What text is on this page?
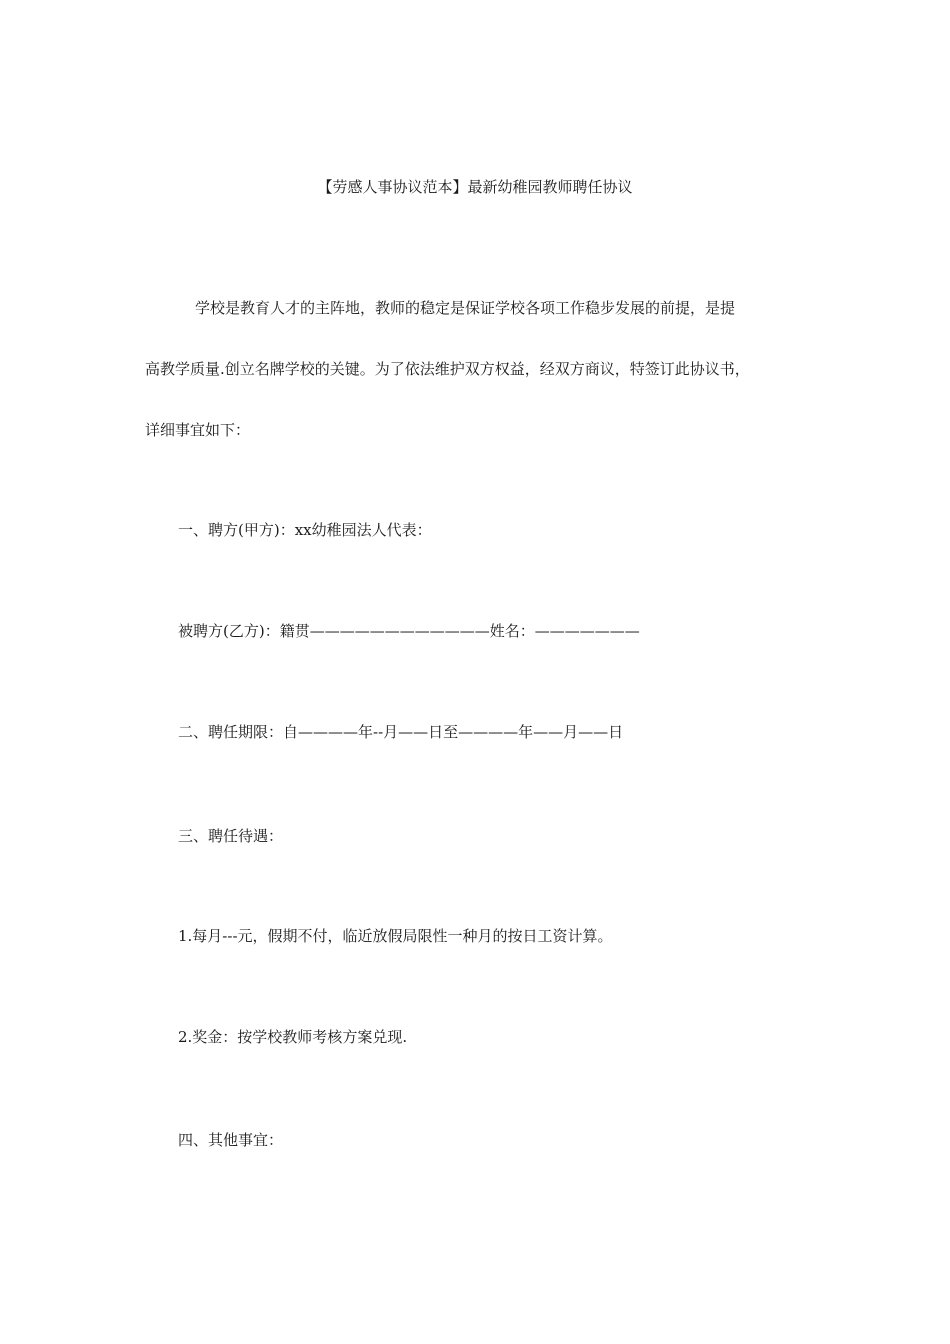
【劳感人事协议范本】最新幼稚园教师聘任协议
学校是教育人才的主阵地，教师的稳定是保证学校各项工作稳步发展的前提，是提
高教学质量.创立名牌学校的关键。为了依法维护双方权益，经双方商议，特签订此协议书，
详细事宜如下：
一、聘方(甲方)：xx幼稚园法人代表：
被聘方(乙方)：籍贯————————————姓名：———————
二、聘任期限：自————年--月——日至————年——月——日
三、聘任待遇：
1.每月---元，假期不付，临近放假局限性一种月的按日工资计算。
2.奖金：按学校教师考核方案兑现.
四、其他事宜：
